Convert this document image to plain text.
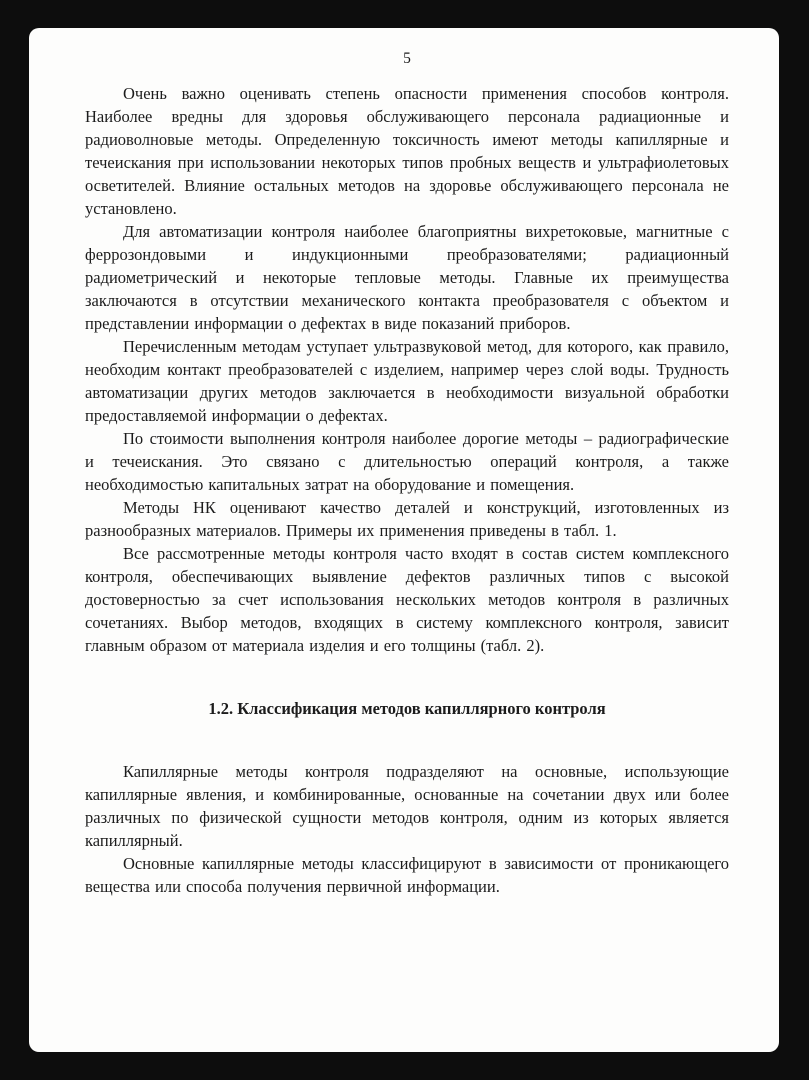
5

Очень важно оценивать степень опасности применения способов контроля. Наиболее вредны для здоровья обслуживающего персонала радиационные и радиоволновые методы. Определенную токсичность имеют методы капиллярные и течеискания при использовании некоторых типов пробных веществ и ультрафиолетовых осветителей. Влияние остальных методов на здоровье обслуживающего персонала не установлено.

Для автоматизации контроля наиболее благоприятны вихретоковые, магнитные с феррозондовыми и индукционными преобразователями; радиационный радиометрический и некоторые тепловые методы. Главные их преимущества заключаются в отсутствии механического контакта преобразователя с объектом и представлении информации о дефектах в виде показаний приборов.

Перечисленным методам уступает ультразвуковой метод, для которого, как правило, необходим контакт преобразователей с изделием, например через слой воды. Трудность автоматизации других методов заключается в необходимости визуальной обработки предоставляемой информации о дефектах.

По стоимости выполнения контроля наиболее дорогие методы – радиографические и течеискания. Это связано с длительностью операций контроля, а также необходимостью капитальных затрат на оборудование и помещения.

Методы НК оценивают качество деталей и конструкций, изготовленных из разнообразных материалов. Примеры их применения приведены в табл. 1.

Все рассмотренные методы контроля часто входят в состав систем комплексного контроля, обеспечивающих выявление дефектов различных типов с высокой достоверностью за счет использования нескольких методов контроля в различных сочетаниях. Выбор методов, входящих в систему комплексного контроля, зависит главным образом от материала изделия и его толщины (табл. 2).

1.2. Классификация методов капиллярного контроля

Капиллярные методы контроля подразделяют на основные, использующие капиллярные явления, и комбинированные, основанные на сочетании двух или более различных по физической сущности методов контроля, одним из которых является капиллярный.

Основные капиллярные методы классифицируют в зависимости от проникающего вещества или способа получения первичной информации.
